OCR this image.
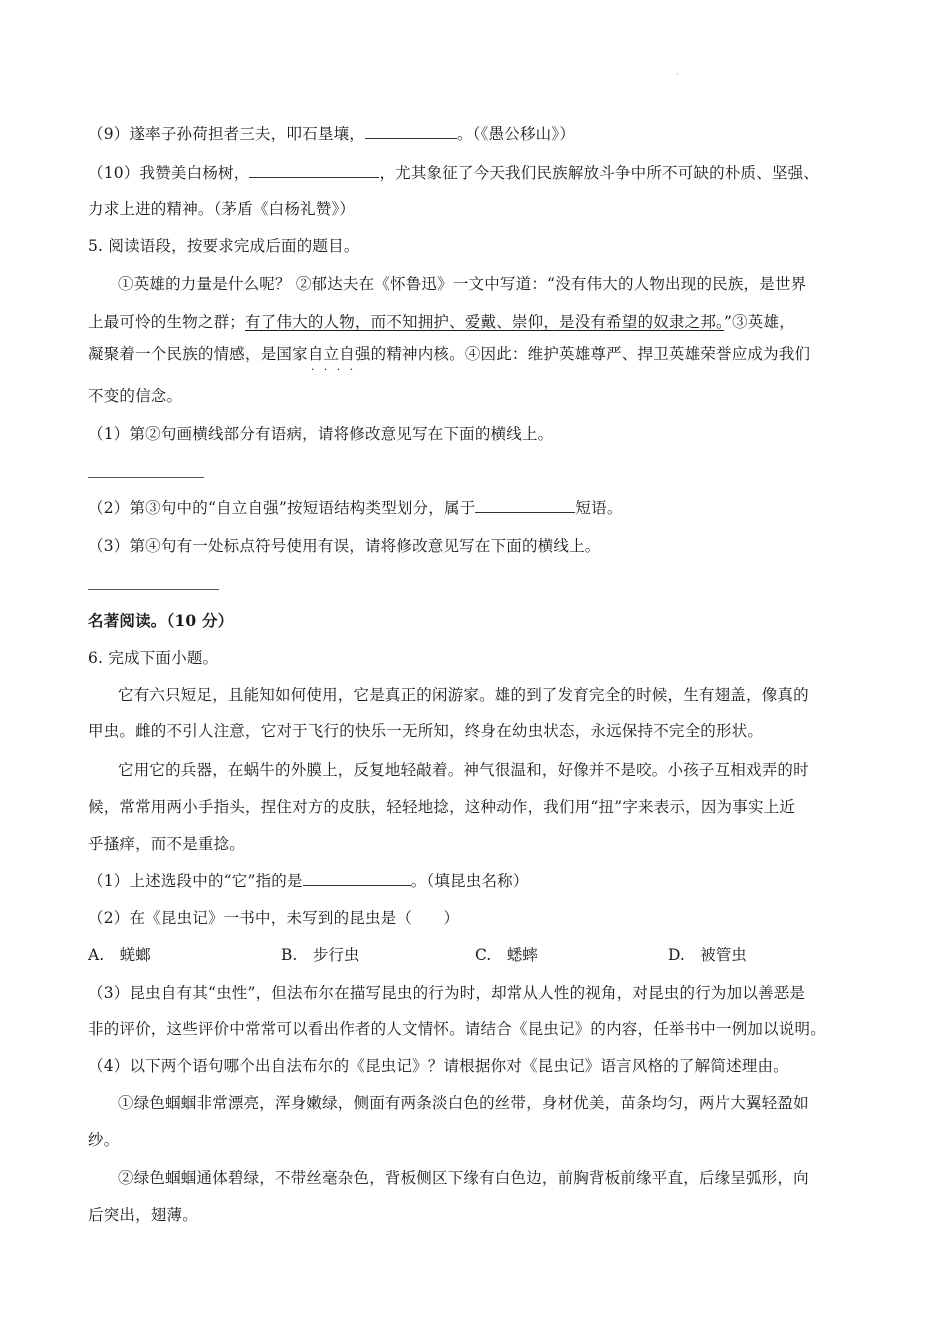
·
（9）遂率子孙荷担者三夫，叩石垦壤，	。（《愚公移山》）
（10）我赞美白杨树，	，尤其象征了今天我们民族解放斗争中所不可缺的朴质、坚强、
力求上进的精神。（茅盾《白杨礼赞》）
5. 阅读语段，按要求完成后面的题目。
①英雄的力量是什么呢？ ②郁达夫在《怀鲁迅》一文中写道：“没有伟大的人物出现的民族，是世界
上最可怜的生物之群；有了伟大的人物，而不知拥护、爱戴、崇仰，是没有希望的奴隶之邦。”③英雄，
凝聚着一个民族的情感，是国家自立自强 · · · ·的精神内核。④因此：维护英雄尊严、捍卫英雄荣誉应成为我们
不变的信念。
（1）第②句画横线部分有语病，请将修改意见写在下面的横线上。
（2）第③句中的“自立自强”按短语结构类型划分，属于	短语。
（3）第④句有一处标点符号使用有误，请将修改意见写在下面的横线上。
名著阅读。（10 分）
6. 完成下面小题。
它有六只短足，且能知如何使用，它是真正的闲游家。雄的到了发育完全的时候，生有翅盖，像真的
甲虫。雌的不引人注意，它对于飞行的快乐一无所知，终身在幼虫状态，永远保持不完全的形状。
它用它的兵器，在蜗牛的外膜上，反复地轻敲着。神气很温和，好像并不是咬。小孩子互相戏弄的时
候，常常用两小手指头，捏住对方的皮肤，轻轻地捻，这种动作，我们用“扭”字来表示，因为事实上近
乎搔痒，而不是重捻。
（1）上述选段中的“它”指的是	。（填昆虫名称）
（2）在《昆虫记》一书中，未写到的昆虫是（　　）
A.　蜣螂	B.　步行虫	C.　蟋蟀	D.　被管虫
（3）昆虫自有其“虫性”，但法布尔在描写昆虫的行为时，却常从人性的视角，对昆虫的行为加以善恶是
非的评价，这些评价中常常可以看出作者的人文情怀。请结合《昆虫记》的内容，任举书中一例加以说明。
（4）以下两个语句哪个出自法布尔的《昆虫记》？请根据你对《昆虫记》语言风格的了解简述理由。
①绿色蝈蝈非常漂亮，浑身嫩绿，侧面有两条淡白色的丝带，身材优美，苗条均匀，两片大翼轻盈如
纱。
②绿色蝈蝈通体碧绿，不带丝毫杂色，背板侧区下缘有白色边，前胸背板前缘平直，后缘呈弧形，向
后突出，翅薄。
